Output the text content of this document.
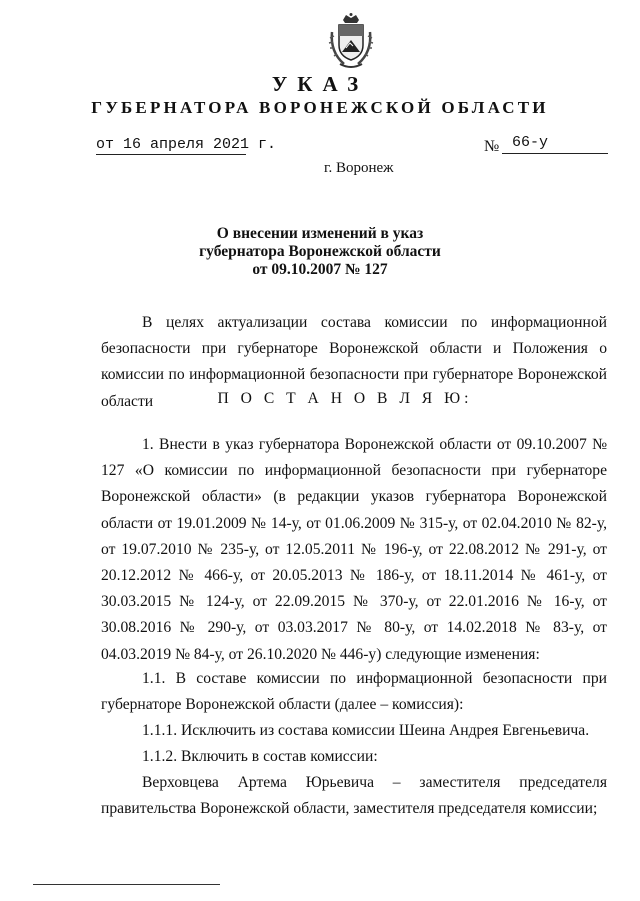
УКАЗ
ГУБЕРНАТОРА ВОРОНЕЖСКОЙ ОБЛАСТИ
от 16 апреля 2021 г.	№ 66-у
г. Воронеж
О внесении изменений в указ
губернатора Воронежской области
от 09.10.2007 № 127
В целях актуализации состава комиссии по информационной безопасности при губернаторе Воронежской области и Положения о комиссии по информационной безопасности при губернаторе Воронежской области	П О С Т А Н О В Л Я Ю:
1. Внести в указ губернатора Воронежской области от 09.10.2007 № 127 «О комиссии по информационной безопасности при губернаторе Воронежской области» (в редакции указов губернатора Воронежской области от 19.01.2009 № 14-у, от 01.06.2009 № 315-у, от 02.04.2010 № 82-у, от 19.07.2010 № 235-у, от 12.05.2011 № 196-у, от 22.08.2012 № 291-у, от 20.12.2012 № 466-у, от 20.05.2013 № 186-у, от 18.11.2014 № 461-у, от 30.03.2015 № 124-у, от 22.09.2015 № 370-у, от 22.01.2016 № 16-у, от 30.08.2016 № 290-у, от 03.03.2017 № 80-у, от 14.02.2018 № 83-у, от 04.03.2019 № 84-у, от 26.10.2020 № 446-у) следующие изменения:
1.1. В составе комиссии по информационной безопасности при губернаторе Воронежской области (далее – комиссия):
1.1.1. Исключить из состава комиссии Шеина Андрея Евгеньевича.
1.1.2. Включить в состав комиссии:
Верховцева Артема Юрьевича – заместителя председателя правительства Воронежской области, заместителя председателя комиссии;
